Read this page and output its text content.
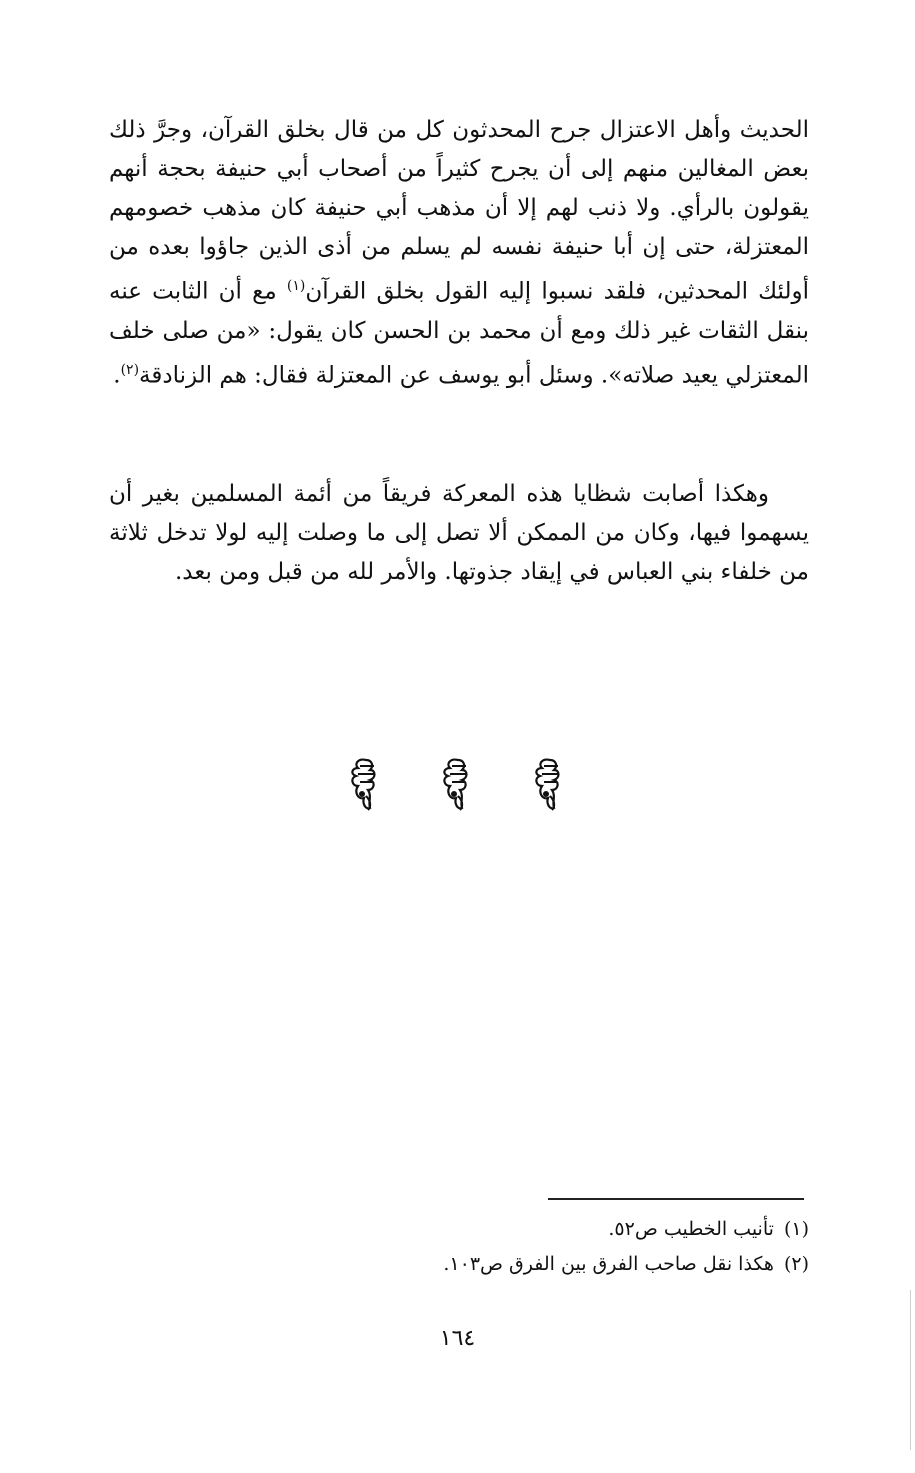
الحديث وأهل الاعتزال جرح المحدثون كل من قال بخلق القرآن، وجرَّ ذلك بعض المغالين منهم إلى أن يجرح كثيراً من أصحاب أبي حنيفة بحجة أنهم يقولون بالرأي. ولا ذنب لهم إلا أن مذهب أبي حنيفة كان مذهب خصومهم المعتزلة، حتى إن أبا حنيفة نفسه لم يسلم من أذى الذين جاؤوا بعده من أولئك المحدثين، فلقد نسبوا إليه القول بخلق القرآن$^{(١)}$ مع أن الثابت عنه بنقل الثقات غير ذلك ومع أن محمد بن الحسن كان يقول: «من صلى خلف المعتزلي يعيد صلاته». وسئل أبو يوسف عن المعتزلة فقال: هم الزنادقة$^{(٢)}$.

وهكذا أصابت شظايا هذه المعركة فريقاً من أئمة المسلمين بغير أن يسهموا فيها، وكان من الممكن ألا تصل إلى ما وصلت إليه لولا تدخل ثلاثة من خلفاء بني العباس في إيقاد جذوتها. والأمر لله من قبل ومن بعد.

(١)تأنيب الخطيب ص٥٢.
(٢)هكذا نقل صاحب الفرق بين الفرق ص١٠٣.
١٦٤
